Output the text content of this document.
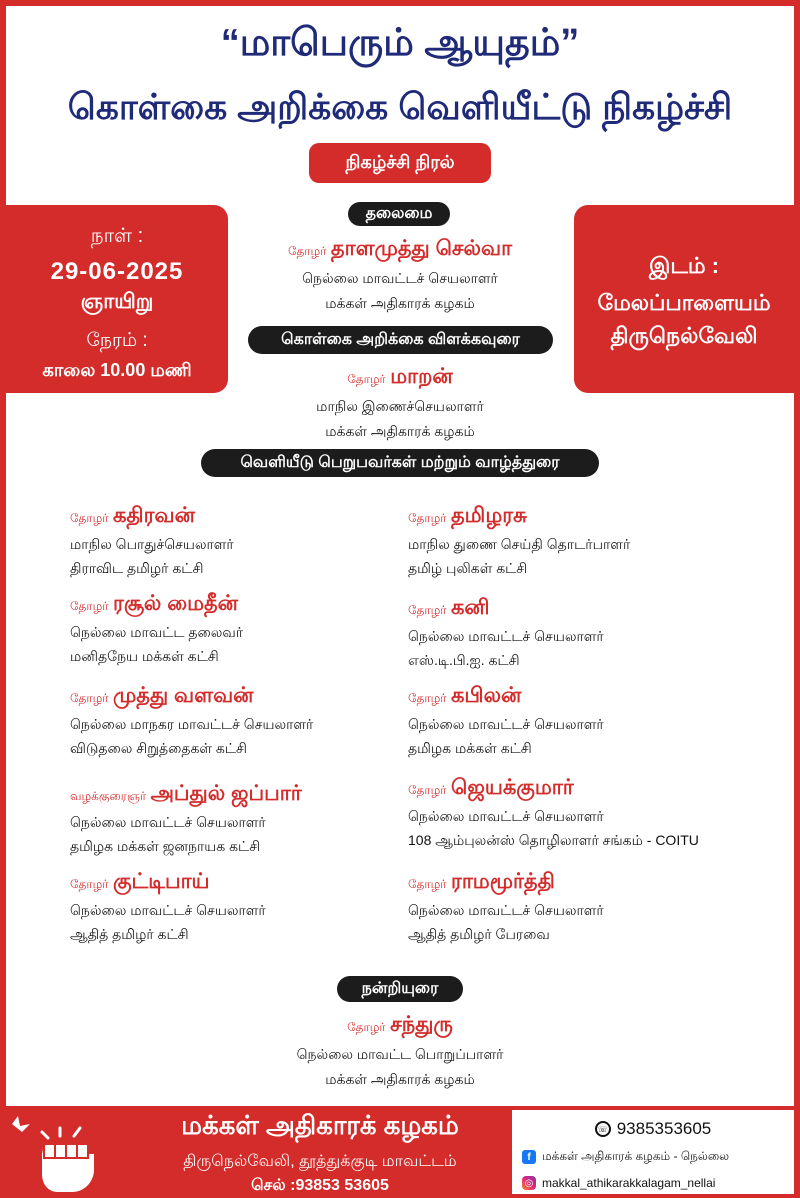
“மாபெரும் ஆயுதம்”
கொள்கை அறிக்கை வெளியீட்டு நிகழ்ச்சி
நிகழ்ச்சி நிரல்
நாள் :
29-06-2025
ஞாயிறு
நேரம் :
காலை 10.00 மணி
இடம் :
மேலப்பாளையம்
திருநெல்வேலி
தலைமை
தோழர் தாளமுத்து செல்வா
நெல்லை மாவட்டச் செயலாளர்
மக்கள் அதிகாரக் கழகம்
கொள்கை அறிக்கை விளக்கவுரை
தோழர் மாறன்
மாநில இணைச்செயலாளர்
மக்கள் அதிகாரக் கழகம்
வெளியீடு பெறுபவர்கள் மற்றும் வாழ்த்துரை
தோழர் கதிரவன்
மாநில பொதுச்செயலாளர்
திராவிட தமிழர் கட்சி
தோழர் தமிழரசு
மாநில துணை செய்தி தொடர்பாளர்
தமிழ் புலிகள் கட்சி
தோழர் ரசூல் மைதீன்
நெல்லை மாவட்ட தலைவர்
மனிதநேய மக்கள் கட்சி
தோழர் கனி
நெல்லை மாவட்டச் செயலாளர்
எஸ்.டி.பி.ஐ. கட்சி
தோழர் முத்து வளவன்
நெல்லை மாநகர மாவட்டச் செயலாளர்
விடுதலை சிறுத்தைகள் கட்சி
தோழர் கபிலன்
நெல்லை மாவட்டச் செயலாளர்
தமிழக மக்கள் கட்சி
வழக்குரைஞர் அப்துல் ஜப்பார்
நெல்லை மாவட்டச் செயலாளர்
தமிழக மக்கள் ஜனநாயக கட்சி
தோழர் ஜெயக்குமார்
நெல்லை மாவட்டச் செயலாளர்
108 ஆம்புலன்ஸ் தொழிலாளர் சங்கம் - COITU
தோழர் குட்டிபாய்
நெல்லை மாவட்டச் செயலாளர்
ஆதித் தமிழர் கட்சி
தோழர் ராமமூர்த்தி
நெல்லை மாவட்டச் செயலாளர்
ஆதித் தமிழர் பேரவை
நன்றியுரை
தோழர் சந்துரு
நெல்லை மாவட்ட பொறுப்பாளர்
மக்கள் அதிகாரக் கழகம்
மக்கள் அதிகாரக் கழகம்
திருநெல்வேலி, தூத்துக்குடி மாவட்டம்
செல் :93853 53605
☏ 9385353605
f மக்கள் அதிகாரக் கழகம் - நெல்லை
◎ makkal_athikarakkalagam_nellai
